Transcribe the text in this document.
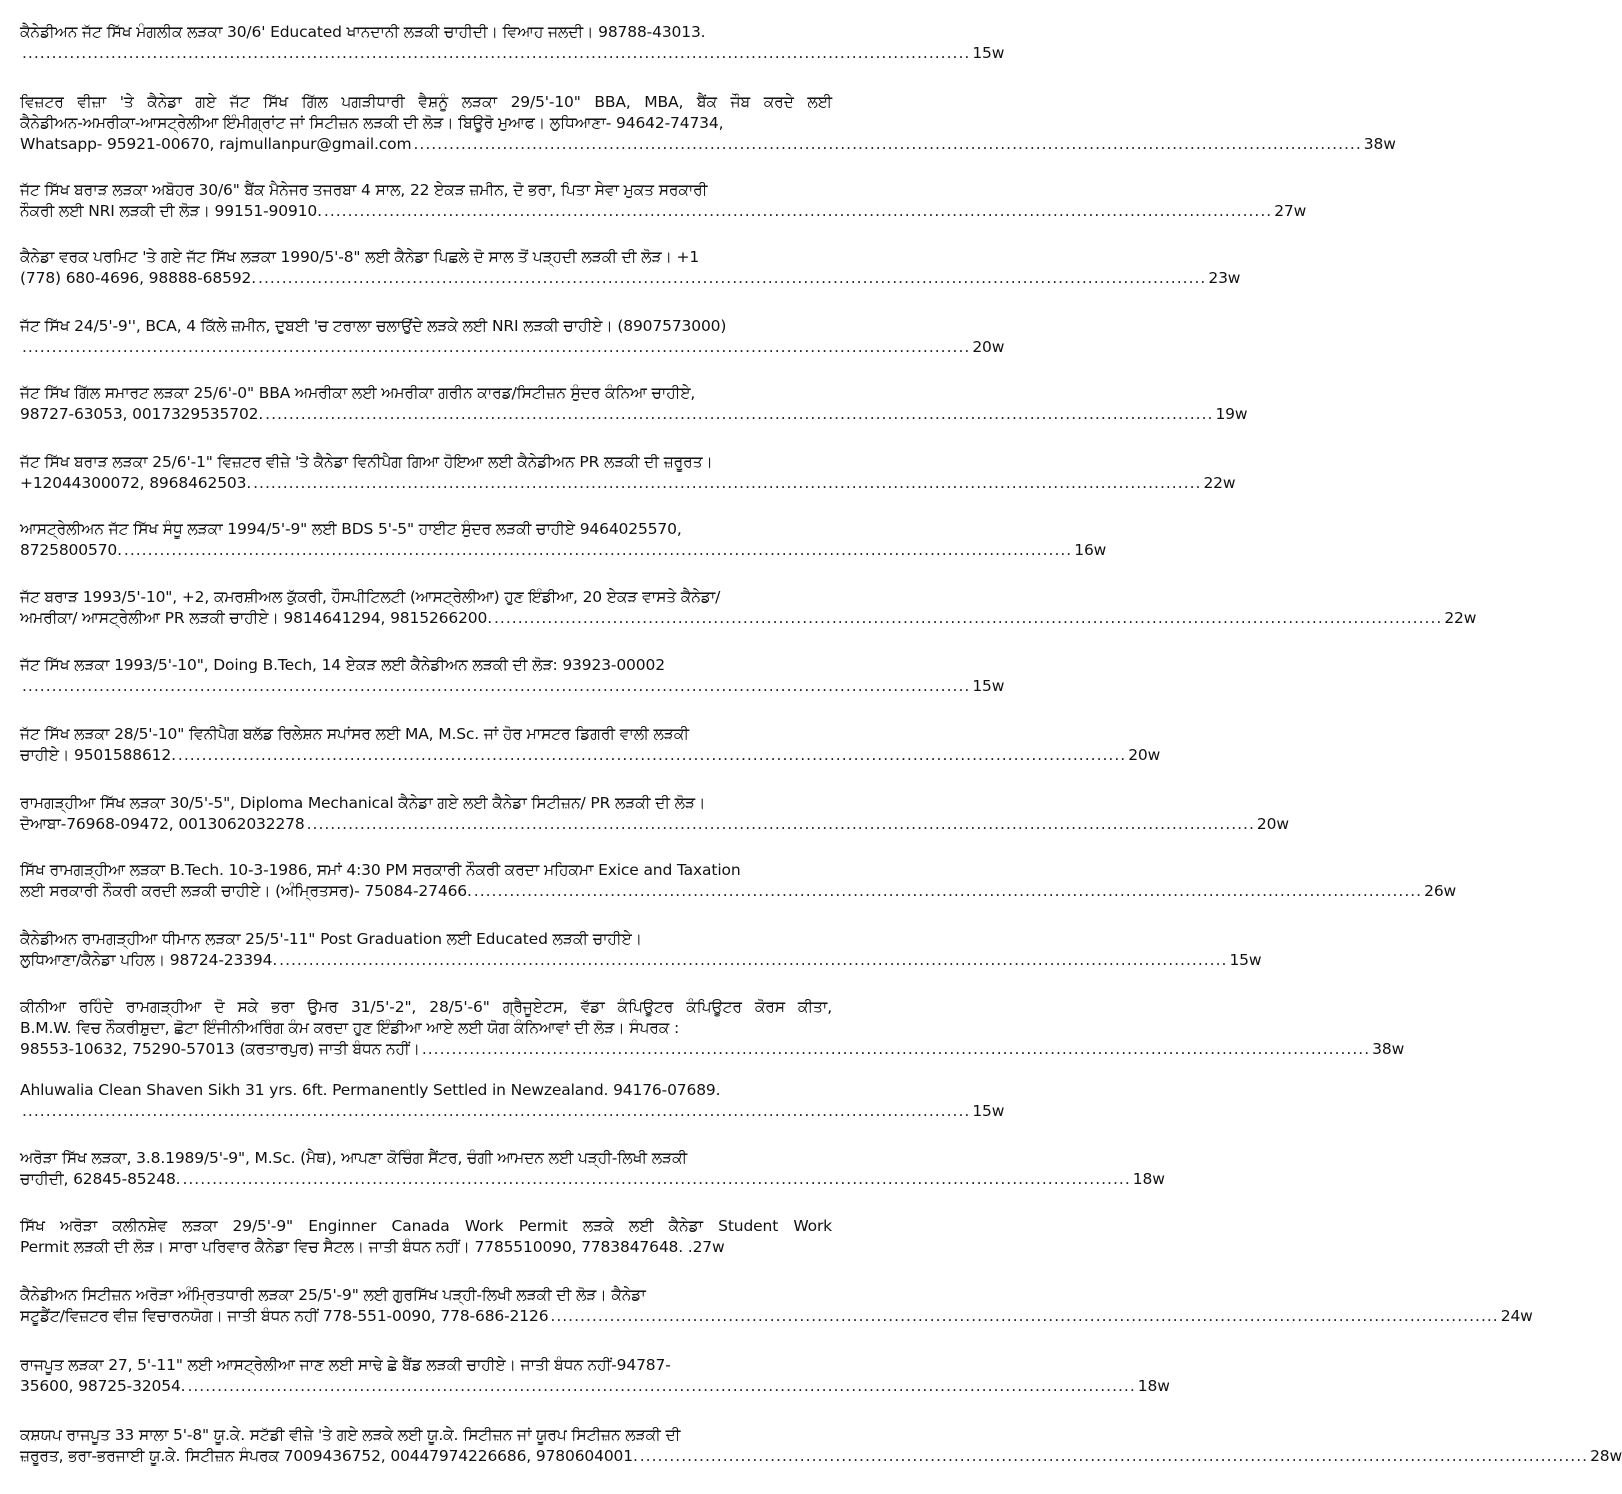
ਕੈਨੇਡੀਅਨ ਜੱਟ ਸਿੱਖ ਮੰਗਲੀਕ ਲੜਕਾ 30/6' Educated ਖਾਨਦਾਨੀ ਲੜਕੀ ਚਾਹੀਦੀ। ਵਿਆਹ ਜਲਦੀ। 98788-43013.
.....
15w
ਵਿਜ਼ਟਰ ਵੀਜ਼ਾ 'ਤੇ ਕੈਨੇਡਾ ਗਏ ਜੱਟ ਸਿੱਖ ਗਿੱਲ ਪਗੜੀਧਾਰੀ ਵੈਸ਼ਨੂੰ ਲੜਕਾ 29/5'-10" BBA, MBA, ਬੈਂਕ ਜੌਬ ਕਰਦੇ ਲਈ
ਕੈਨੇਡੀਅਨ-ਅਮਰੀਕਾ-ਆਸਟ੍ਰੇਲੀਆ ਇੰਮੀਗ੍ਰਾਂਟ ਜਾਂ ਸਿਟੀਜ਼ਨ ਲੜਕੀ ਦੀ ਲੋੜ। ਬਿਊਰੋ ਮੁਆਫ। ਲੁਧਿਆਣਾ- 94642-74734,
Whatsapp- 95921-00670, rajmullanpur@gmail.com .....	38w
ਜੱਟ ਸਿੱਖ ਬਰਾੜ ਲੜਕਾ ਅਬੋਹਰ 30/6" ਬੈਂਕ ਮੈਨੇਜਰ ਤਜਰਬਾ 4 ਸਾਲ, 22 ਏਕੜ ਜ਼ਮੀਨ, ਦੋ ਭਰਾ, ਪਿਤਾ ਸੇਵਾ ਮੁਕਤ ਸਰਕਾਰੀ
ਨੌਕਰੀ ਲਈ NRI ਲੜਕੀ ਦੀ ਲੋੜ। 99151-90910. .....	27w
ਕੈਨੇਡਾ ਵਰਕ ਪਰਮਿਟ 'ਤੇ ਗਏ ਜੱਟ ਸਿੱਖ ਲੜਕਾ 1990/5'-8" ਲਈ ਕੈਨੇਡਾ ਪਿਛਲੇ ਦੋ ਸਾਲ ਤੋਂ ਪੜ੍ਹਦੀ ਲੜਕੀ ਦੀ ਲੋੜ। +1
(778) 680-4696, 98888-68592. .....	23w
ਜੱਟ ਸਿੱਖ 24/5'-9'', BCA, 4 ਕਿੱਲੇ ਜ਼ਮੀਨ, ਦੁਬਈ 'ਚ ਟਰਾਲਾ ਚਲਾਉਂਦੇ ਲੜਕੇ ਲਈ NRI ਲੜਕੀ ਚਾਹੀਏ। (8907573000)
.....
20w
ਜੱਟ ਸਿੱਖ ਗਿੱਲ ਸਮਾਰਟ ਲੜਕਾ 25/6'-0" BBA ਅਮਰੀਕਾ ਲਈ ਅਮਰੀਕਾ ਗਰੀਨ ਕਾਰਡ/ਸਿਟੀਜ਼ਨ ਸੁੰਦਰ ਕੰਨਿਆ ਚਾਹੀਏ,
98727-63053, 0017329535702. .....	19w
ਜੱਟ ਸਿੱਖ ਬਰਾੜ ਲੜਕਾ 25/6'-1" ਵਿਜ਼ਟਰ ਵੀਜ਼ੇ 'ਤੇ ਕੈਨੇਡਾ ਵਿਨੀਪੈਗ ਗਿਆ ਹੋਇਆ ਲਈ ਕੈਨੇਡੀਅਨ PR ਲੜਕੀ ਦੀ ਜ਼ਰੂਰਤ।
+12044300072, 8968462503. .....	22w
ਆਸਟ੍ਰੇਲੀਅਨ ਜੱਟ ਸਿੱਖ ਸੰਧੂ ਲੜਕਾ 1994/5'-9" ਲਈ BDS 5'-5" ਹਾਈਟ ਸੁੰਦਰ ਲੜਕੀ ਚਾਹੀਏ 9464025570,
8725800570. .....	16w
ਜੱਟ ਬਰਾੜ 1993/5'-10", +2, ਕਮਰਸ਼ੀਅਲ ਕੁੱਕਰੀ, ਹੌਸਪੀਟਿਲਟੀ (ਆਸਟ੍ਰੇਲੀਆ) ਹੁਣ ਇੰਡੀਆ, 20 ਏਕੜ ਵਾਸਤੇ ਕੈਨੇਡਾ/
ਅਮਰੀਕਾ/ ਆਸਟ੍ਰੇਲੀਆ PR ਲੜਕੀ ਚਾਹੀਏ। 9814641294, 9815266200. .....	22w
ਜੱਟ ਸਿੱਖ ਲੜਕਾ 1993/5'-10", Doing B.Tech, 14 ਏਕੜ ਲਈ ਕੈਨੇਡੀਅਨ ਲੜਕੀ ਦੀ ਲੋੜ: 93923-00002
.....
15w
ਜੱਟ ਸਿੱਖ ਲੜਕਾ 28/5'-10" ਵਿਨੀਪੈਗ ਬਲੱਡ ਰਿਲੇਸ਼ਨ ਸਪਾਂਸਰ ਲਈ MA, M.Sc. ਜਾਂ ਹੋਰ ਮਾਸਟਰ ਡਿਗਰੀ ਵਾਲੀ ਲੜਕੀ
ਚਾਹੀਏ। 9501588612. .....	20w
ਰਾਮਗੜ੍ਹੀਆ ਸਿੱਖ ਲੜਕਾ 30/5'-5", Diploma Mechanical ਕੈਨੇਡਾ ਗਏ ਲਈ ਕੈਨੇਡਾ ਸਿਟੀਜ਼ਨ/ PR ਲੜਕੀ ਦੀ ਲੋੜ।
ਦੋਆਬਾ-76968-09472, 0013062032278 .....	20w
ਸਿੱਖ ਰਾਮਗੜ੍ਹੀਆ ਲੜਕਾ B.Tech. 10-3-1986, ਸਮਾਂ 4:30 PM ਸਰਕਾਰੀ ਨੌਕਰੀ ਕਰਦਾ ਮਹਿਕਮਾ Exice and Taxation
ਲਈ ਸਰਕਾਰੀ ਨੌਕਰੀ ਕਰਦੀ ਲੜਕੀ ਚਾਹੀਏ। (ਅੰਮ੍ਰਿਤਸਰ)- 75084-27466. .....	26w
ਕੈਨੇਡੀਅਨ ਰਾਮਗੜ੍ਹੀਆ ਧੀਮਾਨ ਲੜਕਾ 25/5'-11" Post Graduation ਲਈ Educated ਲੜਕੀ ਚਾਹੀਏ।
ਲੁਧਿਆਣਾ/ਕੈਨੇਡਾ ਪਹਿਲ। 98724-23394. .....	15w
ਕੀਨੀਆ ਰਹਿੰਦੇ ਰਾਮਗੜ੍ਹੀਆ ਦੋ ਸਕੇ ਭਰਾ ਉਮਰ 31/5'-2", 28/5'-6" ਗ੍ਰੈਜੂਏਟਸ, ਵੱਡਾ ਕੰਪਿਊਟਰ ਕੰਪਿਊਟਰ ਕੋਰਸ ਕੀਤਾ,
B.M.W. ਵਿਚ ਨੌਕਰੀਸ਼ੁਦਾ, ਛੋਟਾ ਇੰਜੀਨੀਅਰਿੰਗ ਕੰਮ ਕਰਦਾ ਹੁਣ ਇੰਡੀਆ ਆਏ ਲਈ ਯੋਗ ਕੰਨਿਆਵਾਂ ਦੀ ਲੋੜ। ਸੰਪਰਕ :
98553-10632, 75290-57013 (ਕਰਤਾਰਪੁਰ) ਜਾਤੀ ਬੰਧਨ ਨਹੀਂ। .....	38w
Ahluwalia Clean Shaven Sikh 31 yrs. 6ft. Permanently Settled in Newzealand. 94176-07689.
.....
15w
ਅਰੋੜਾ ਸਿੱਖ ਲੜਕਾ, 3.8.1989/5'-9", M.Sc. (ਮੈਥ), ਆਪਣਾ ਕੋਚਿੰਗ ਸੈਂਟਰ, ਚੰਗੀ ਆਮਦਨ ਲਈ ਪੜ੍ਹੀ-ਲਿਖੀ ਲੜਕੀ
ਚਾਹੀਦੀ, 62845-85248. .....	18w
ਸਿੱਖ ਅਰੋੜਾ ਕਲੀਨਸ਼ੇਵ ਲੜਕਾ 29/5'-9" Enginner Canada Work Permit ਲੜਕੇ ਲਈ ਕੈਨੇਡਾ Student Work
Permit ਲੜਕੀ ਦੀ ਲੋੜ। ਸਾਰਾ ਪਰਿਵਾਰ ਕੈਨੇਡਾ ਵਿਚ ਸੈਟਲ। ਜਾਤੀ ਬੰਧਨ ਨਹੀਂ। 7785510090, 7783847648. .27w
ਕੈਨੇਡੀਅਨ ਸਿਟੀਜ਼ਨ ਅਰੋੜਾ ਅੰਮ੍ਰਿਤਧਾਰੀ ਲੜਕਾ 25/5'-9" ਲਈ ਗੁਰਸਿੱਖ ਪੜ੍ਹੀ-ਲਿਖੀ ਲੜਕੀ ਦੀ ਲੋੜ। ਕੈਨੇਡਾ
ਸਟੂਡੈਂਟ/ਵਿਜ਼ਟਰ ਵੀਜ਼ ਵਿਚਾਰਨਯੋਗ। ਜਾਤੀ ਬੰਧਨ ਨਹੀਂ 778-551-0090, 778-686-2126 .....	24w
ਰਾਜਪੂਤ ਲੜਕਾ 27, 5'-11" ਲਈ ਆਸਟ੍ਰੇਲੀਆ ਜਾਣ ਲਈ ਸਾਢੇ ਛੇ ਬੈਂਡ ਲੜਕੀ ਚਾਹੀਏ। ਜਾਤੀ ਬੰਧਨ ਨਹੀਂ-94787-
35600, 98725-32054. .....	18w
ਕਸ਼ਯਪ ਰਾਜਪੂਤ 33 ਸਾਲਾ 5'-8" ਯੂ.ਕੇ. ਸਟੱਡੀ ਵੀਜ਼ੇ 'ਤੇ ਗਏ ਲੜਕੇ ਲਈ ਯੂ.ਕੇ. ਸਿਟੀਜ਼ਨ ਜਾਂ ਯੂਰਪ ਸਿਟੀਜ਼ਨ ਲੜਕੀ ਦੀ
ਜ਼ਰੂਰਤ, ਭਰਾ-ਭਰਜਾਈ ਯੂ.ਕੇ. ਸਿਟੀਜ਼ਨ ਸੰਪਰਕ 7009436752, 00447974226686, 9780604001. .....	28w
